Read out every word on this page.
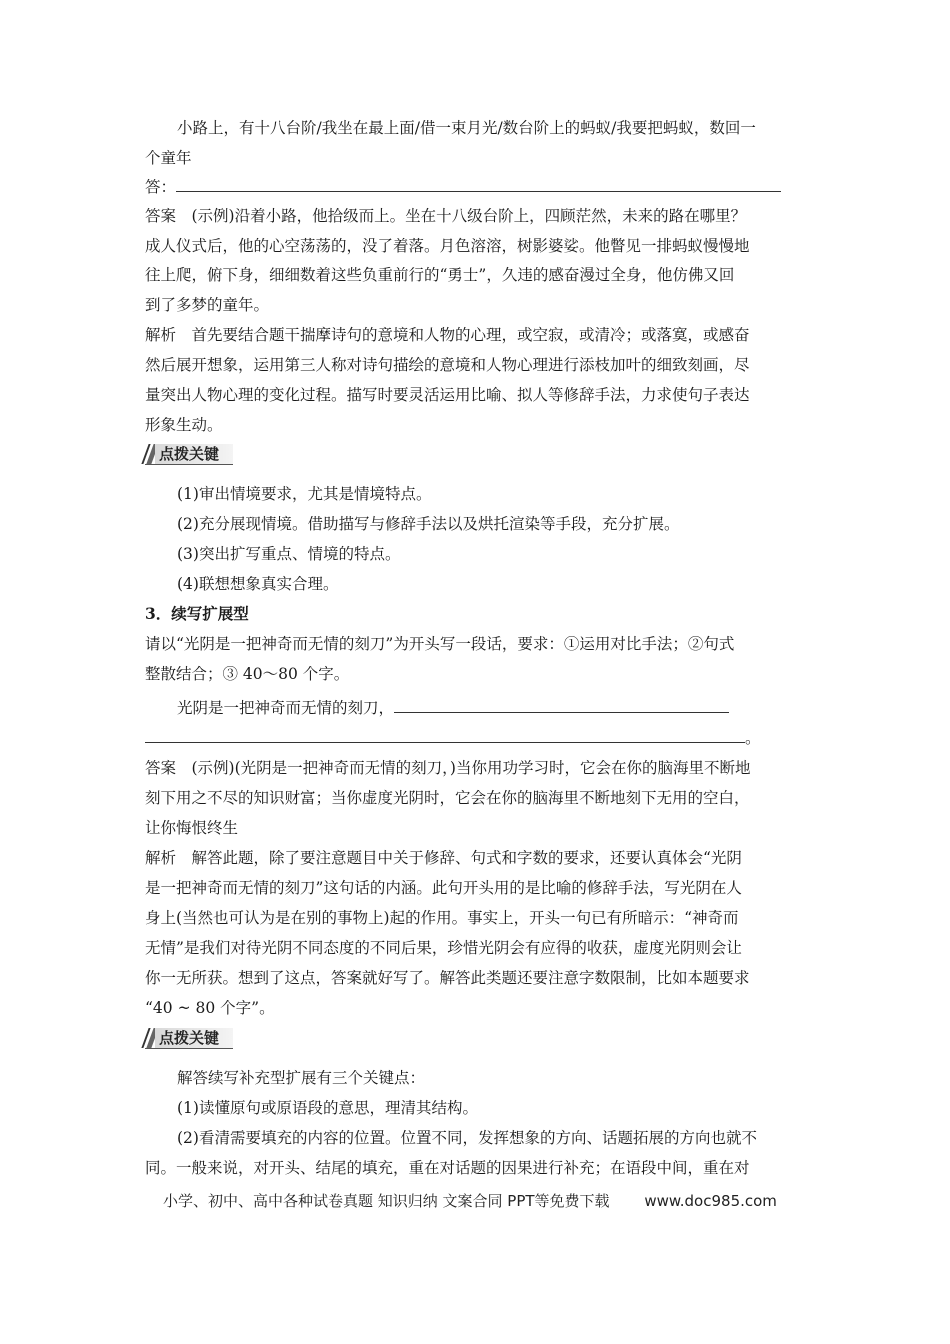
小路上，有十八台阶/我坐在最上面/借一束月光/数台阶上的蚂蚁/我要把蚂蚁，数回一
个童年
答：
答案　(示例)沿着小路，他拾级而上。坐在十八级台阶上，四顾茫然，未来的路在哪里？
成人仪式后，他的心空荡荡的，没了着落。月色溶溶，树影婆娑。他瞥见一排蚂蚁慢慢地
往上爬，俯下身，细细数着这些负重前行的“勇士”，久违的感奋漫过全身，他仿佛又回
到了多梦的童年。
解析　首先要结合题干揣摩诗句的意境和人物的心理，或空寂，或清冷；或落寞，或感奋
然后展开想象，运用第三人称对诗句描绘的意境和人物心理进行添枝加叶的细致刻画，尽
量突出人物心理的变化过程。描写时要灵活运用比喻、拟人等修辞手法，力求使句子表达
形象生动。
点拨关键
(1)审出情境要求，尤其是情境特点。
(2)充分展现情境。借助描写与修辞手法以及烘托渲染等手段，充分扩展。
(3)突出扩写重点、情境的特点。
(4)联想想象真实合理。
3．续写扩展型
请以“光阴是一把神奇而无情的刻刀”为开头写一段话，要求：①运用对比手法；②句式
整散结合；③ 40～80 个字。
光阴是一把神奇而无情的刻刀，
。
答案　(示例)(光阴是一把神奇而无情的刻刀，)当你用功学习时，它会在你的脑海里不断地
刻下用之不尽的知识财富；当你虚度光阴时，它会在你的脑海里不断地刻下无用的空白，
让你悔恨终生
解析　解答此题，除了要注意题目中关于修辞、句式和字数的要求，还要认真体会“光阴
是一把神奇而无情的刻刀”这句话的内涵。此句开头用的是比喻的修辞手法，写光阴在人
身上(当然也可认为是在别的事物上)起的作用。事实上，开头一句已有所暗示：“神奇而
无情”是我们对待光阴不同态度的不同后果，珍惜光阴会有应得的收获，虚度光阴则会让
你一无所获。想到了这点，答案就好写了。解答此类题还要注意字数限制，比如本题要求
“40 ~ 80 个字”。
点拨关键
解答续写补充型扩展有三个关键点：
(1)读懂原句或原语段的意思，理清其结构。
(2)看清需要填充的内容的位置。位置不同，发挥想象的方向、话题拓展的方向也就不
同。一般来说，对开头、结尾的填充，重在对话题的因果进行补充；在语段中间，重在对
小学、初中、高中各种试卷真题 知识归纳 文案合同 PPT等免费下载 www.doc985.com
